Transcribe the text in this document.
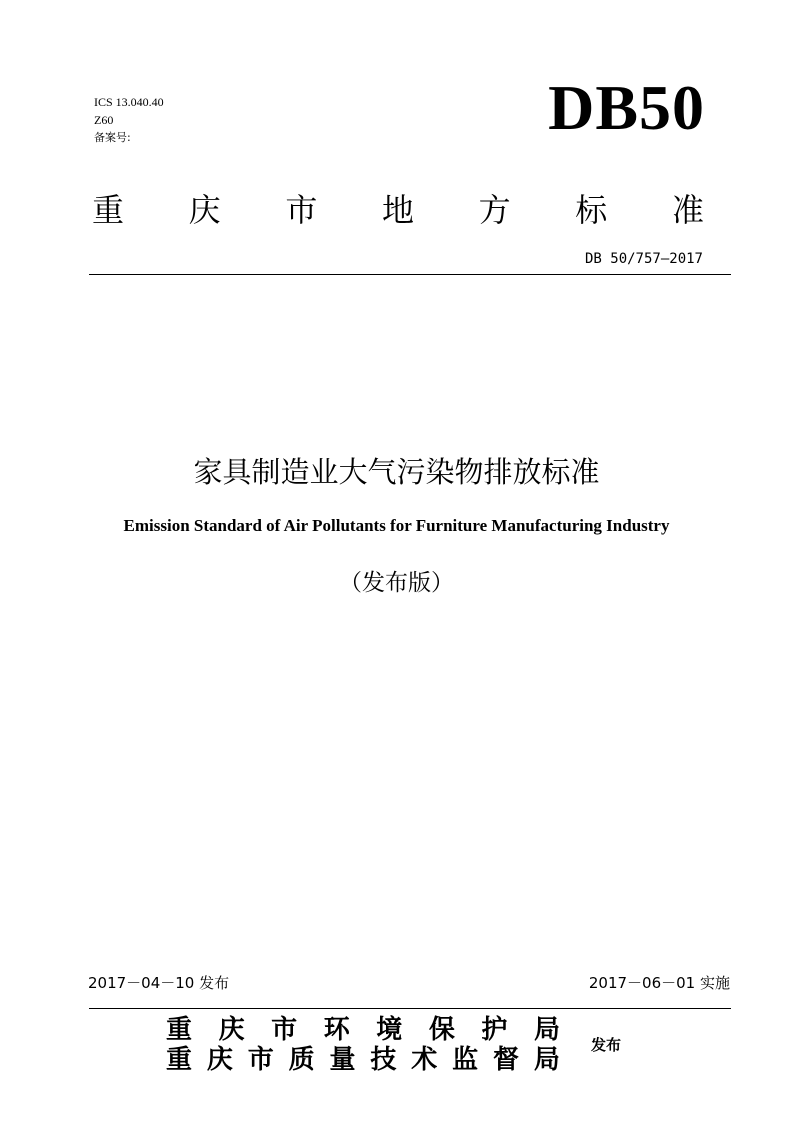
ICS 13.040.40
Z60
备案号:	DB50
重 庆 市 地 方 标 准
DB 50/757—2017
家具制造业大气污染物排放标准
Emission Standard of Air Pollutants for Furniture Manufacturing Industry
（发布版）
2017－04－10 发布	2017－06－01 实施
重 庆 市 环 境 保 护 局
重 庆 市 质 量 技 术 监 督 局 发布
